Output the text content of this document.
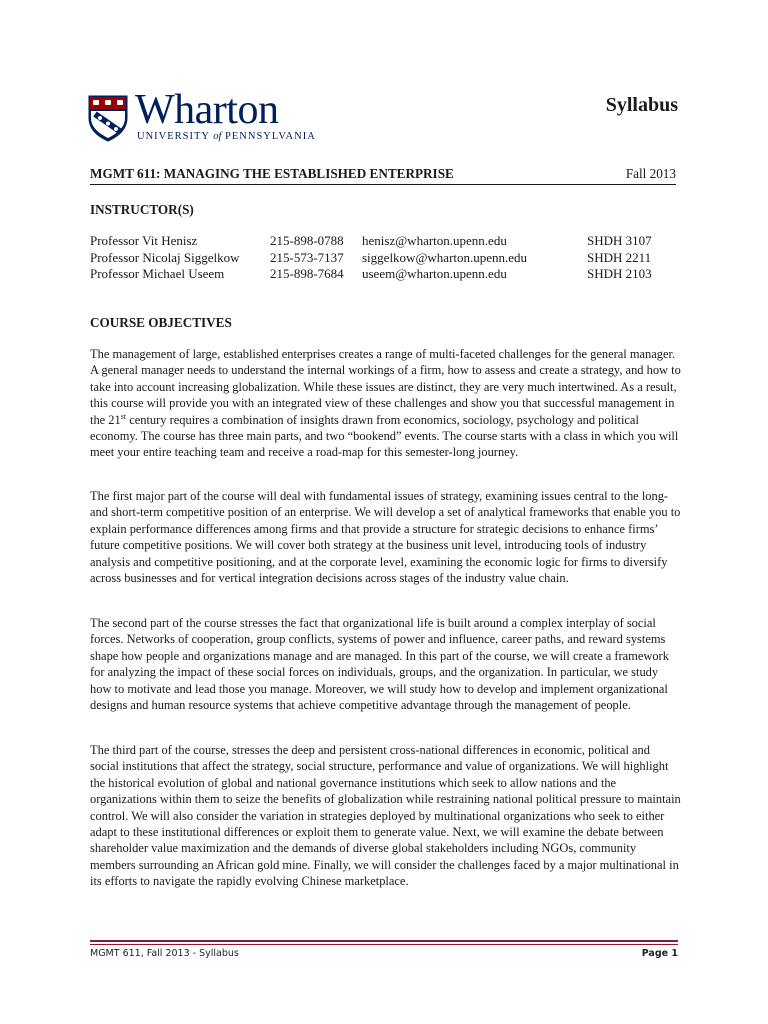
Wharton
UNIVERSITY of PENNSYLVANIA
Syllabus
MGMT 611: MANAGING THE ESTABLISHED ENTERPRISE	Fall 2013
INSTRUCTOR(S)
Professor Vit Henisz	215-898-0788	henisz@wharton.upenn.edu	SHDH 3107
Professor Nicolaj Siggelkow	215-573-7137	siggelkow@wharton.upenn.edu	SHDH 2211
Professor Michael Useem	215-898-7684	useem@wharton.upenn.edu	SHDH 2103
COURSE OBJECTIVES

The management of large, established enterprises creates a range of multi-faceted challenges for the general manager. A general manager needs to understand the internal workings of a firm, how to assess and create a strategy, and how to take into account increasing globalization. While these issues are distinct, they are very much intertwined. As a result, this course will provide you with an integrated view of these challenges and show you that successful management in the 21st century requires a combination of insights drawn from economics, sociology, psychology and political economy. The course has three main parts, and two “bookend” events. The course starts with a class in which you will meet your entire teaching team and receive a road-map for this semester-long journey.

The first major part of the course will deal with fundamental issues of strategy, examining issues central to the long- and short-term competitive position of an enterprise. We will develop a set of analytical frameworks that enable you to explain performance differences among firms and that provide a structure for strategic decisions to enhance firms’ future competitive positions. We will cover both strategy at the business unit level, introducing tools of industry analysis and competitive positioning, and at the corporate level, examining the economic logic for firms to diversify across businesses and for vertical integration decisions across stages of the industry value chain.

The second part of the course stresses the fact that organizational life is built around a complex interplay of social forces. Networks of cooperation, group conflicts, systems of power and influence, career paths, and reward systems shape how people and organizations manage and are managed. In this part of the course, we will create a framework for analyzing the impact of these social forces on individuals, groups, and the organization. In particular, we study how to motivate and lead those you manage. Moreover, we will study how to develop and implement organizational designs and human resource systems that achieve competitive advantage through the management of people.

The third part of the course, stresses the deep and persistent cross-national differences in economic, political and social institutions that affect the strategy, social structure, performance and value of organizations. We will highlight the historical evolution of global and national governance institutions which seek to allow nations and the organizations within them to seize the benefits of globalization while restraining national political pressure to maintain control. We will also consider the variation in strategies deployed by multinational organizations who seek to either adapt to these institutional differences or exploit them to generate value. Next, we will examine the debate between shareholder value maximization and the demands of diverse global stakeholders including NGOs, community members surrounding an African gold mine. Finally, we will consider the challenges faced by a major multinational in its efforts to navigate the rapidly evolving Chinese marketplace.

MGMT 611, Fall 2013 - Syllabus	Page 1
